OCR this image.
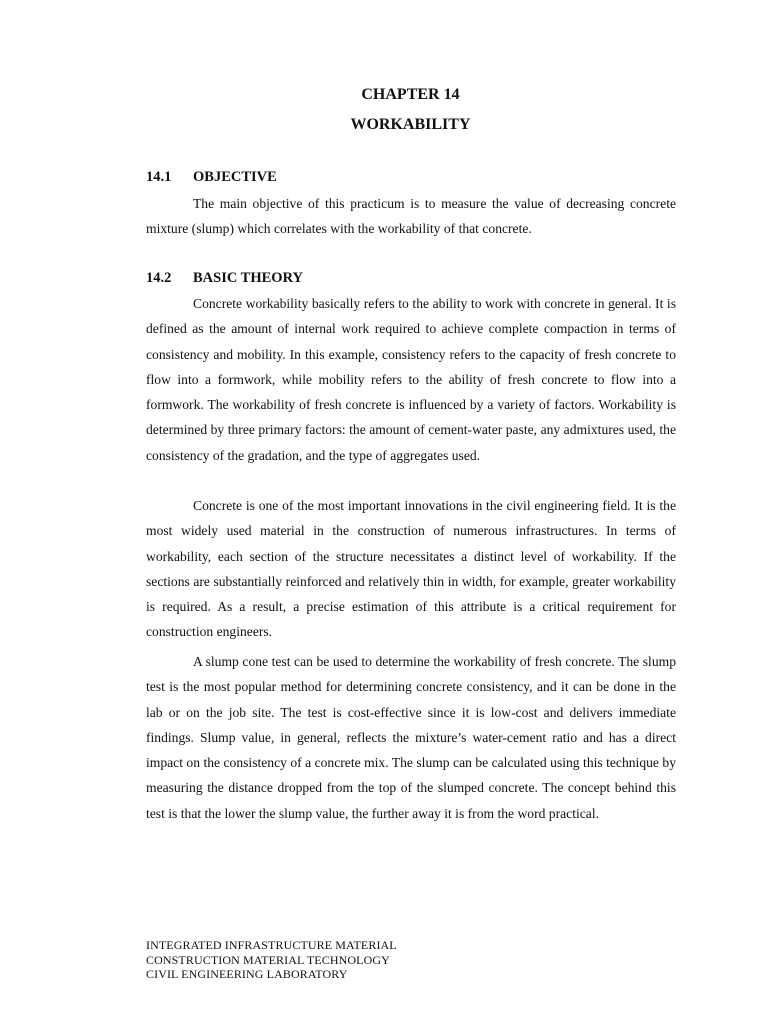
CHAPTER 14
WORKABILITY
14.1 OBJECTIVE

The main objective of this practicum is to measure the value of decreasing concrete mixture (slump) which correlates with the workability of that concrete.

14.2 BASIC THEORY

Concrete workability basically refers to the ability to work with concrete in general. It is defined as the amount of internal work required to achieve complete compaction in terms of consistency and mobility. In this example, consistency refers to the capacity of fresh concrete to flow into a formwork, while mobility refers to the ability of fresh concrete to flow into a formwork. The workability of fresh concrete is influenced by a variety of factors. Workability is determined by three primary factors: the amount of cement-water paste, any admixtures used, the consistency of the gradation, and the type of aggregates used.

Concrete is one of the most important innovations in the civil engineering field. It is the most widely used material in the construction of numerous infrastructures. In terms of workability, each section of the structure necessitates a distinct level of workability. If the sections are substantially reinforced and relatively thin in width, for example, greater workability is required. As a result, a precise estimation of this attribute is a critical requirement for construction engineers.

A slump cone test can be used to determine the workability of fresh concrete. The slump test is the most popular method for determining concrete consistency, and it can be done in the lab or on the job site. The test is cost-effective since it is low-cost and delivers immediate findings. Slump value, in general, reflects the mixture’s water-cement ratio and has a direct impact on the consistency of a concrete mix. The slump can be calculated using this technique by measuring the distance dropped from the top of the slumped concrete. The concept behind this test is that the lower the slump value, the further away it is from the word practical.

INTEGRATED INFRASTRUCTURE MATERIAL
CONSTRUCTION MATERIAL TECHNOLOGY
CIVIL ENGINEERING LABORATORY
